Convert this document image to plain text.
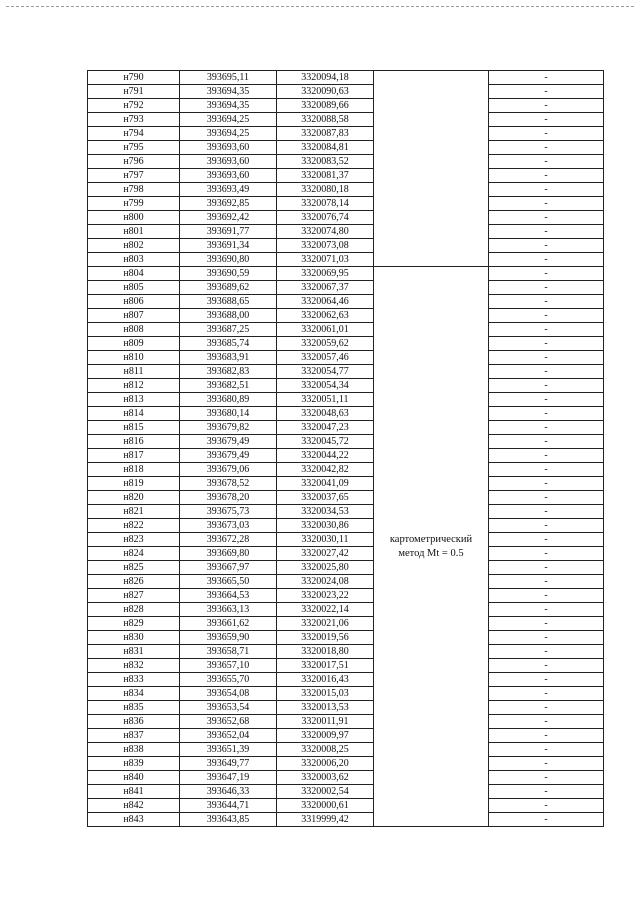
н790	393695,11	3320094,18		-
н791	393694,35	3320090,63		-
н792	393694,35	3320089,66		-
н793	393694,25	3320088,58		-
н794	393694,25	3320087,83		-
н795	393693,60	3320084,81		-
н796	393693,60	3320083,52		-
н797	393693,60	3320081,37		-
н798	393693,49	3320080,18		-
н799	393692,85	3320078,14		-
н800	393692,42	3320076,74		-
н801	393691,77	3320074,80		-
н802	393691,34	3320073,08		-
н803	393690,80	3320071,03		-
н804	393690,59	3320069,95	картометрический метод Mt = 0.5	-
н805	393689,62	3320067,37		-
н806	393688,65	3320064,46		-
н807	393688,00	3320062,63		-
н808	393687,25	3320061,01		-
н809	393685,74	3320059,62		-
н810	393683,91	3320057,46		-
н811	393682,83	3320054,77		-
н812	393682,51	3320054,34		-
н813	393680,89	3320051,11		-
н814	393680,14	3320048,63		-
н815	393679,82	3320047,23		-
н816	393679,49	3320045,72		-
н817	393679,49	3320044,22		-
н818	393679,06	3320042,82		-
н819	393678,52	3320041,09		-
н820	393678,20	3320037,65		-
н821	393675,73	3320034,53		-
н822	393673,03	3320030,86		-
н823	393672,28	3320030,11		-
н824	393669,80	3320027,42		-
н825	393667,97	3320025,80		-
н826	393665,50	3320024,08		-
н827	393664,53	3320023,22		-
н828	393663,13	3320022,14		-
н829	393661,62	3320021,06		-
н830	393659,90	3320019,56		-
н831	393658,71	3320018,80		-
н832	393657,10	3320017,51		-
н833	393655,70	3320016,43		-
н834	393654,08	3320015,03		-
н835	393653,54	3320013,53		-
н836	393652,68	3320011,91		-
н837	393652,04	3320009,97		-
н838	393651,39	3320008,25		-
н839	393649,77	3320006,20		-
н840	393647,19	3320003,62		-
н841	393646,33	3320002,54		-
н842	393644,71	3320000,61		-
н843	393643,85	3319999,42		-
